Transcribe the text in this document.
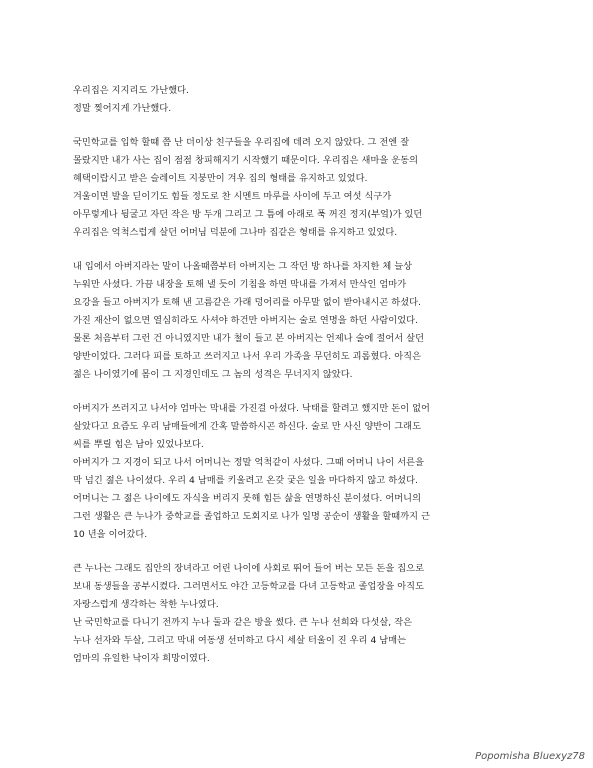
우리집은 지지리도 가난했다.
정말 찢어지게 가난했다.
국민학교를 입학 할때 쯤 난 더이상 친구들을 우리집에 데려 오지 않았다. 그 전엔 잘
몰랐지만 내가 사는 집이 점점 창피해지기 시작했기 때문이다. 우리집은 새마을 운동의
혜택이랍시고 받은 슬레이트 지붕만이 겨우 집의 형태를 유지하고 있었다.
겨울이면 발을 딛이기도 힘들 정도로 찬 시멘트 마루를 사이에 두고 여섯 식구가
아무렇게나 뒹굴고 자던 작은 방 두개 그리고 그 틈에 아래로 푹 꺼진 정지(부엌)가 있던
우리집은 억척스럽게 살던 어머님 덕분에 그나마 집같은 형태를 유지하고 있었다.
내 입에서 아버지라는 말이 나올때쯤부터 아버지는 그 작던 방 하나를 차지한 체 늘상
누워만 사셨다. 가끔 내장을 토해 낼 듯이 기침을 하면 막내를 가져서 만삭인 엄마가
요강을 들고 아버지가 토해 낸 고름같은 가래 덩어리를 아무말 없이 받아내시곤 하셨다.
가진 재산이 없으면 열심히라도 사셔야 하건만 아버지는 술로 연명을 하던 사람이었다.
물론 처음부터 그런 건 아니였지만 내가 철이 들고 본 아버지는 언제나 술에 절어서 살던
양반이었다. 그러다 피를 토하고 쓰러지고 나서 우리 가족을 무던히도 괴롭혔다. 아직은
젊은 나이였기에 몸이 그 지경인데도 그 놈의 성격은 무너지지 않았다.
아버지가 쓰러지고 나서야 엄마는 막내를 가진걸 아셨다. 낙태를 할려고 했지만 돈이 없어
살았다고 요즘도 우리 남매들에게 간혹 말씀하시곤 하신다. 술로 만 사신 양반이 그래도
씨를 뿌릴 힘은 남아 있었나보다.
아버지가 그 지경이 되고 나서 어머니는 정말 억척같이 사셨다. 그때 어머니 나이 서른을
막 넘긴 젊은 나이셨다. 우리 4 남매를 키울려고 온갖 궂은 일을 마다하지 않고 하셨다.
어머니는 그 젊은 나이에도 자식을 버리지 못해 힘든 삶을 연명하신 분이셨다. 어머니의
그런 생활은 큰 누나가 중학교를 졸업하고 도회지로 나가 일명 공순이 생활을 할때까지 근
10 년을 이어갔다.
큰 누나는 그래도 집안의 장녀라고 어린 나이에 사회로 뛰어 들어 버는 모든 돈을 집으로
보내 동생들을 공부시켰다. 그러면서도 야간 고등학교를 다녀 고등학교 졸업장을 아직도
자랑스럽게 생각하는 착한 누나였다.
난 국민학교를 다니기 전까지 누나 둘과 같은 방을 썼다. 큰 누나 선희와 다섯살, 작은
누나 선자와 두살, 그리고 막내 여동생 선미하고 다시 세살 터울이 진 우리 4 남매는
엄마의 유일한 낙이자 희망이였다.
Popomisha Bluexyz78
